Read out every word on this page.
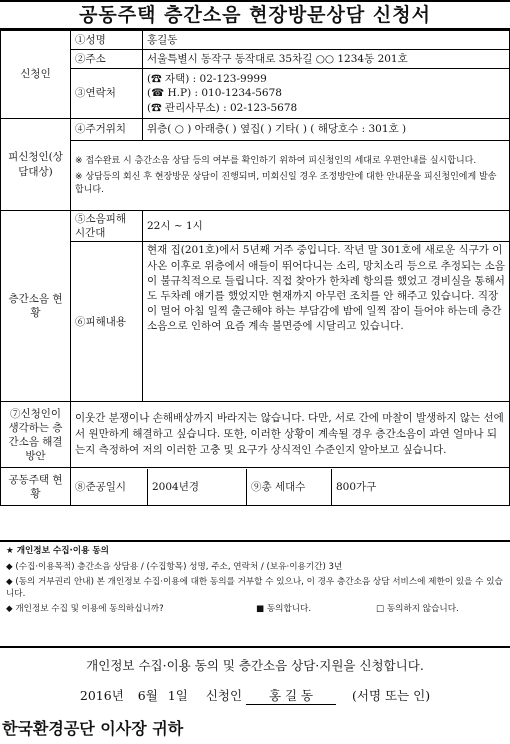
공동주택 층간소음 현장방문상담 신청서
신청인	①성명	홍길동
②주소	서울특별시 동작구 동작대로 35차길 ○○ 1234동 201호
③연락처	
(☎ 자택) : 02-123-9999
(☎ H.P) : 010-1234-5678
(☎ 관리사무소) : 02-123-5678

피신청인(상담대상)	④주거위치	위층( ○ ) 아래층( ) 옆집( ) 기타( ) ( 해당호수 : 301호 )

※ 접수완료 시 층간소음 상담 등의 여부를 확인하기 위하여 피신청인의 세대로 우편안내를 실시합니다.
※ 상담등의 회신 후 현장방문 상담이 진행되며, 미회신일 경우 조정방안에 대한 안내문을 피신청인에게 발송합니다.

층간소음 현황	⑤소음피해 시간대	22시 ~ 1시
⑥피해내용	현재 집(201호)에서 5년째 거주 중입니다. 작년 말 301호에 새로운 식구가 이사온 이후로 위층에서 애들이 뛰어다니는 소리, 망치소리 등으로 추정되는 소음이 불규칙적으로 들립니다. 직접 찾아가 한차례 항의를 했었고 경비실을 통해서도 두차례 얘기를 했었지만 현재까지 아무런 조치를 안 해주고 있습니다. 직장이 멀어 아침 일찍 출근해야 하는 부담감에 밤에 일찍 잠이 들어야 하는데 층간소음으로 인하여 요즘 계속 불면증에 시달리고 있습니다.
⑦신청인이 생각하는 층간소음 해결방안	이웃간 분쟁이나 손해배상까지 바라지는 않습니다. 다만, 서로 간에 마찰이 발생하지 않는 선에서 원만하게 해결하고 싶습니다. 또한, 이러한 상황이 계속될 경우 층간소음이 과연 얼마나 되는지 측정하여 저의 이러한 고충 및 요구가 상식적인 수준인지 알아보고 싶습니다.
공동주택 현황	
⑧준공일시	2004년경	⑨총 세대수	800가구
★ 개인정보 수집·이용 동의
◆ (수집·이용목적) 층간소음 상담용 / (수집항목) 성명, 주소, 연락처 / (보유·이용기간) 3년
◆ (동의 거부권리 안내) 본 개인정보 수집·이용에 대한 동의를 거부할 수 있으나, 이 경우 층간소음 상담 서비스에 제한이 있을 수 있습니다.
◆ 개인정보 수집 및 이용에 동의하십니까?	■ 동의합니다.	□ 동의하지 않습니다.
개인정보 수집·이용 동의 및 층간소음 상담·지원을 신청합니다.
2016년 6월 1일 신청인 홍 길 동	(서명 또는 인)
한국환경공단 이사장 귀하
